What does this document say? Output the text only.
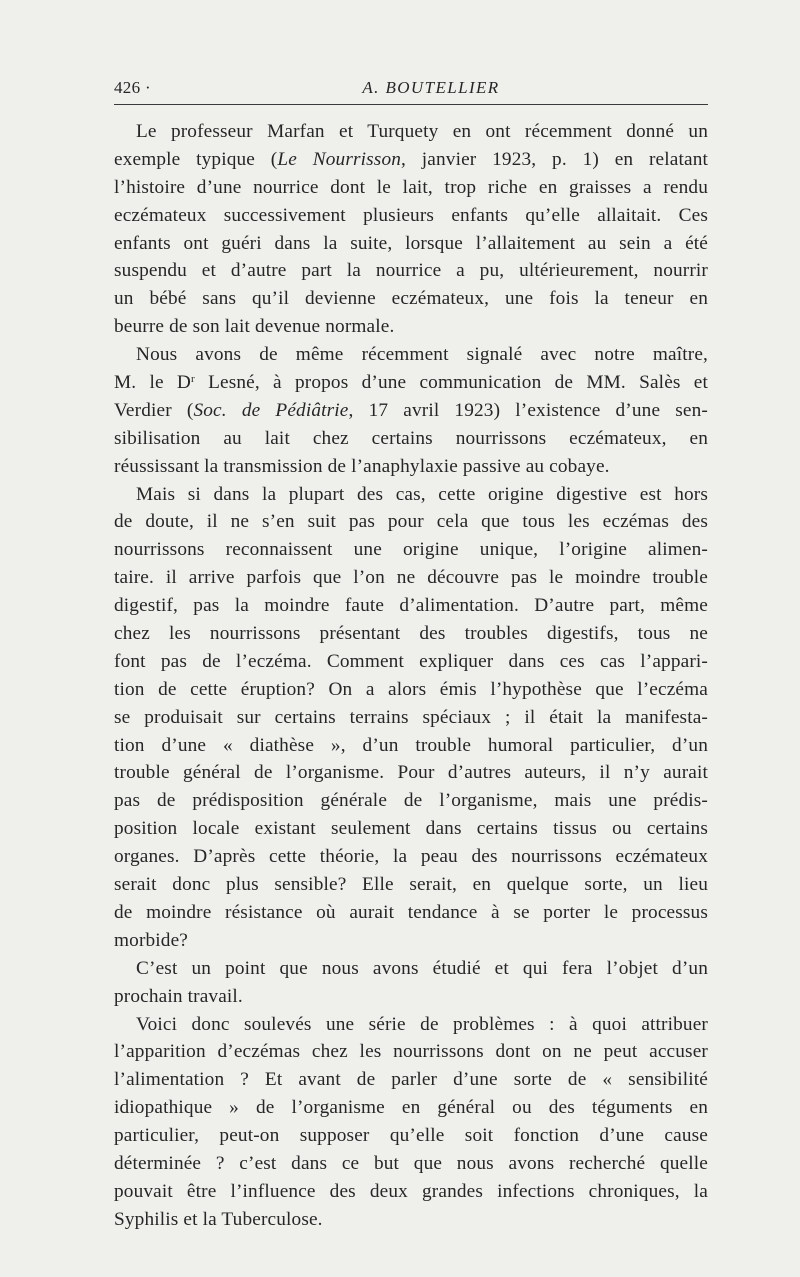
426 ·	A. BOUTELLIER
Le professeur Marfan et Turquety en ont récemment donné un
exemple typique (Le Nourrisson, janvier 1923, p. 1) en relatant
l’histoire d’une nourrice dont le lait, trop riche en graisses a rendu
eczémateux successivement plusieurs enfants qu’elle allaitait. Ces
enfants ont guéri dans la suite, lorsque l’allaitement au sein a été
suspendu et d’autre part la nourrice a pu, ultérieurement, nourrir
un bébé sans qu’il devienne eczémateux, une fois la teneur en
beurre de son lait devenue normale.
Nous avons de même récemment signalé avec notre maître,
M. le $D^r$ Lesné, à propos d’une communication de MM. Salès et
Verdier (Soc. de Pédiâtrie, 17 avril 1923) l’existence d’une sen-
sibilisation au lait chez certains nourrissons eczémateux, en
réussissant la transmission de l’anaphylaxie passive au cobaye.
Mais si dans la plupart des cas, cette origine digestive est hors
de doute, il ne s’en suit pas pour cela que tous les eczémas des
nourrissons reconnaissent une origine unique, l’origine alimen-
taire. il arrive parfois que l’on ne découvre pas le moindre trouble
digestif, pas la moindre faute d’alimentation. D’autre part, même
chez les nourrissons présentant des troubles digestifs, tous ne
font pas de l’eczéma. Comment expliquer dans ces cas l’appari-
tion de cette éruption? On a alors émis l’hypothèse que l’eczéma
se produisait sur certains terrains spéciaux ; il était la manifesta-
tion d’une « diathèse », d’un trouble humoral particulier, d’un
trouble général de l’organisme. Pour d’autres auteurs, il n’y aurait
pas de prédisposition générale de l’organisme, mais une prédis-
position locale existant seulement dans certains tissus ou certains
organes. D’après cette théorie, la peau des nourrissons eczémateux
serait donc plus sensible? Elle serait, en quelque sorte, un lieu
de moindre résistance où aurait tendance à se porter le processus
morbide?
C’est un point que nous avons étudié et qui fera l’objet d’un
prochain travail.
Voici donc soulevés une série de problèmes : à quoi attribuer
l’apparition d’eczémas chez les nourrissons dont on ne peut accuser
l’alimentation ? Et avant de parler d’une sorte de « sensibilité
idiopathique » de l’organisme en général ou des téguments en
particulier, peut-on supposer qu’elle soit fonction d’une cause
déterminée ? c’est dans ce but que nous avons recherché quelle
pouvait être l’influence des deux grandes infections chroniques, la
Syphilis et la Tuberculose.
